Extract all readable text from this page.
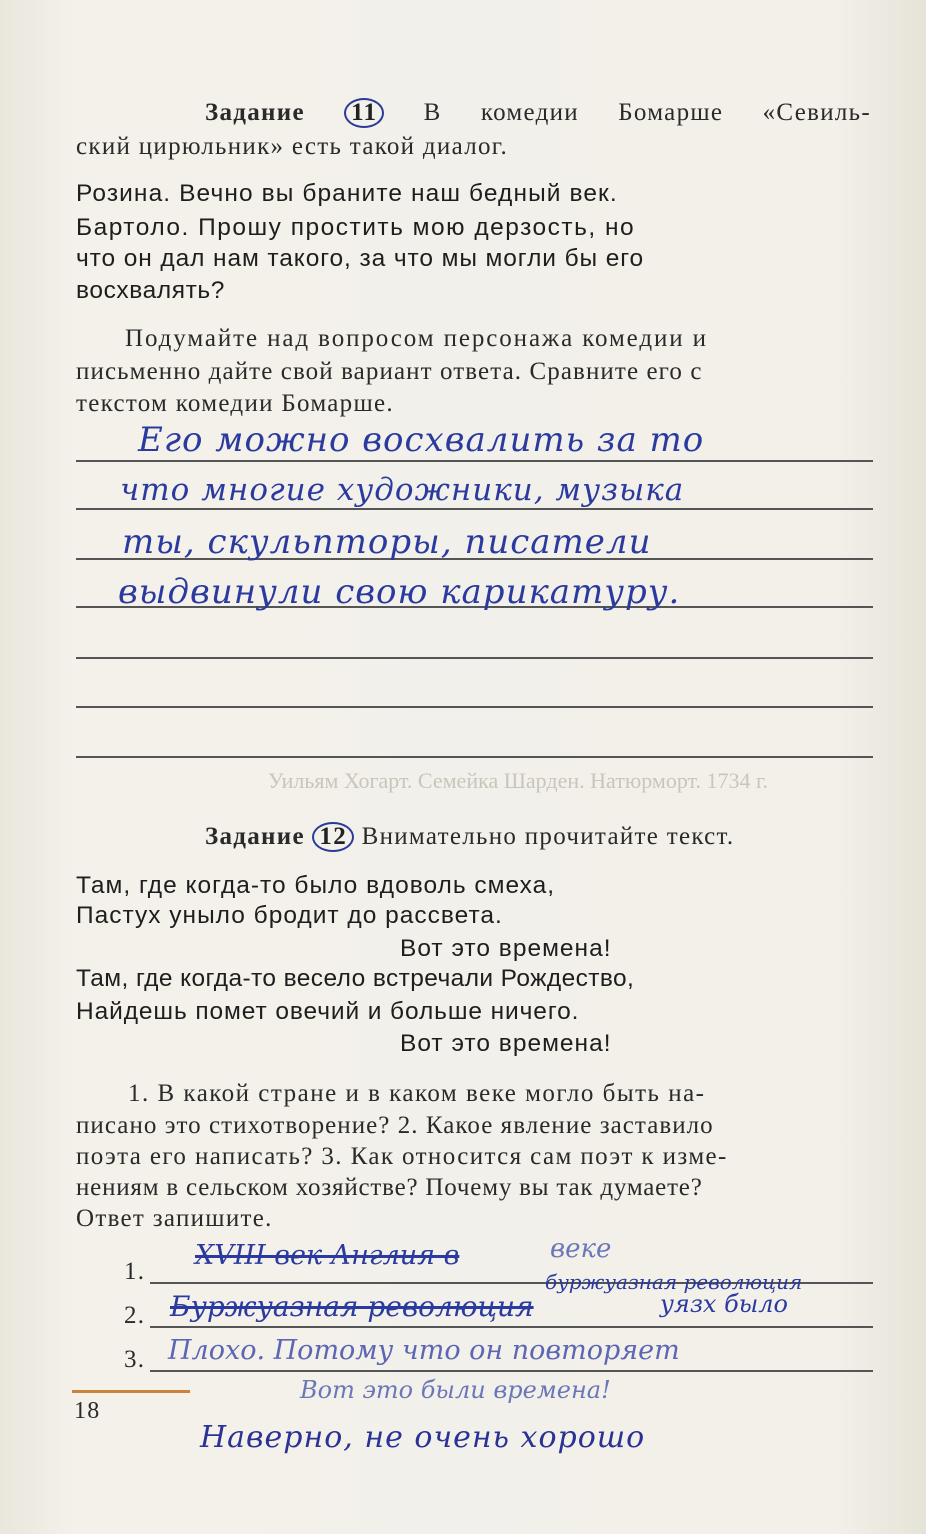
Уильям Хогарт. Семейка Шарден. Натюрморт. 1734 г.
Задание 11 В комедии Бомарше «Севиль-
ский цирюльник» есть такой диалог.
Розина. Вечно вы браните наш бедный век.
Бартоло. Прошу простить мою дерзость, но
что он дал нам такого, за что мы могли бы его
восхвалять?
Подумайте над вопросом персонажа комедии и
письменно дайте свой вариант ответа. Сравните его с
текстом комедии Бомарше.
Его можно восхвалить за то
что многие художники, музыка
ты, скульпторы, писатели
выдвинули свою карикатуру.
Задание 12 Внимательно прочитайте текст.
Там, где когда-то было вдоволь смеха,
Пастух уныло бродит до рассвета.
Вот это времена!
Там, где когда-то весело встречали Рождество,
Найдешь помет овечий и больше ничего.
Вот это времена!
1. В какой стране и в каком веке могло быть на-
писано это стихотворение? 2. Какое явление заставило
поэта его написать? 3. Как относится сам поэт к изме-
нениям в сельском хозяйстве? Почему вы так думаете?
Ответ запишите.
1.
2.
3.
XVIII век Англия в	веке
буржуазная революция
Буржуазная революция	уязх было
Плохо. Потому что он повторяет
Вот это были времена!
Наверно, не очень хорошо
18
